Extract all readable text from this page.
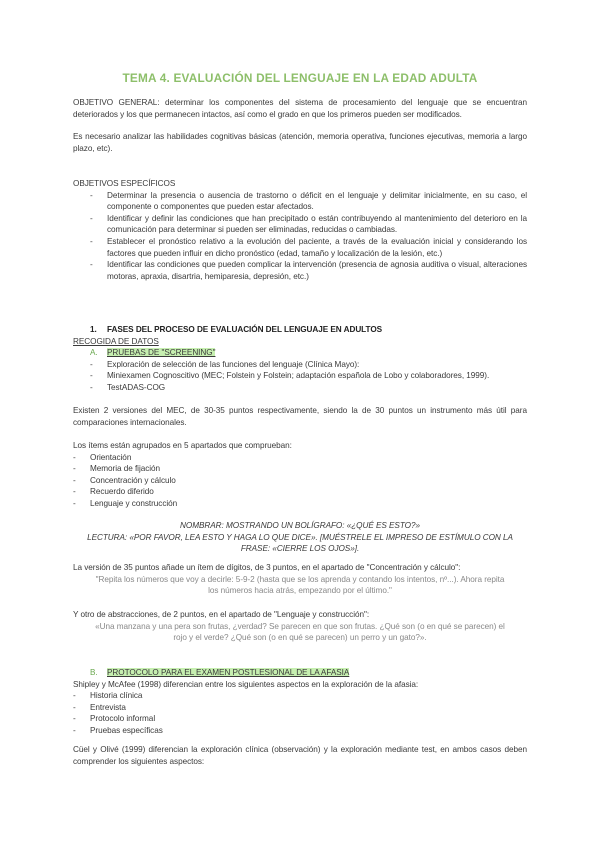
TEMA 4. EVALUACIÓN DEL LENGUAJE EN LA EDAD ADULTA

OBJETIVO GENERAL: determinar los componentes del sistema de procesamiento del lenguaje que se encuentran deteriorados y los que permanecen intactos, así como el grado en que los primeros pueden ser modificados.

Es necesario analizar las habilidades cognitivas básicas (atención, memoria operativa, funciones ejecutivas, memoria a largo plazo, etc).

OBJETIVOS ESPECÍFICOS

- Determinar la presencia o ausencia de trastorno o déficit en el lenguaje y delimitar inicialmente, en su caso, el componente o componentes que pueden estar afectados.
- Identificar y definir las condiciones que han precipitado o están contribuyendo al mantenimiento del deterioro en la comunicación para determinar si pueden ser eliminadas, reducidas o cambiadas.
- Establecer el pronóstico relativo a la evolución del paciente, a través de la evaluación inicial y considerando los factores que pueden influir en dicho pronóstico (edad, tamaño y localización de la lesión, etc.)
- Identificar las condiciones que pueden complicar la intervención (presencia de agnosia auditiva o visual, alteraciones motoras, apraxia, disartria, hemiparesia, depresión, etc.)

1. FASES DEL PROCESO DE EVALUACIÓN DEL LENGUAJE EN ADULTOS

RECOGIDA DE DATOS

A. PRUEBAS DE "SCREENING"

- Exploración de selección de las funciones del lenguaje (Clínica Mayo):
- Miniexamen Cognoscitivo (MEC; Folstein y Folstein; adaptación española de Lobo y colaboradores, 1999).
- TestADAS-COG

Existen 2 versiones del MEC, de 30-35 puntos respectivamente, siendo la de 30 puntos un instrumento más útil para comparaciones internacionales.

Los ítems están agrupados en 5 apartados que comprueban:

- Orientación
- Memoria de fijación
- Concentración y cálculo
- Recuerdo diferido
- Lenguaje y construcción

NOMBRAR: MOSTRANDO UN BOLÍGRAFO: «¿QUÉ ES ESTO?»

LECTURA: «POR FAVOR, LEA ESTO Y HAGA LO QUE DICE». [MUÉSTRELE EL IMPRESO DE ESTÍMULO CON LA

FRASE: «CIERRE LOS OJOS»].

La versión de 35 puntos añade un ítem de dígitos, de 3 puntos, en el apartado de "Concentración y cálculo":

"Repita los números que voy a decirle: 5-9-2 (hasta que se los aprenda y contando los intentos, nº...). Ahora repita

los números hacia atrás, empezando por el último."

Y otro de abstracciones, de 2 puntos, en el apartado de "Lenguaje y construcción":

«Una manzana y una pera son frutas, ¿verdad? Se parecen en que son frutas. ¿Qué son (o en qué se parecen) el

rojo y el verde? ¿Qué son (o en qué se parecen) un perro y un gato?».

B. PROTOCOLO PARA EL EXAMEN POSTLESIONAL DE LA AFASIA

Shipley y McAfee (1998) diferencian entre los siguientes aspectos en la exploración de la afasia:

- Historia clínica
- Entrevista
- Protocolo informal
- Pruebas específicas

Cüel y Olivé (1999) diferencian la exploración clínica (observación) y la exploración mediante test, en ambos casos deben comprender los siguientes aspectos:
